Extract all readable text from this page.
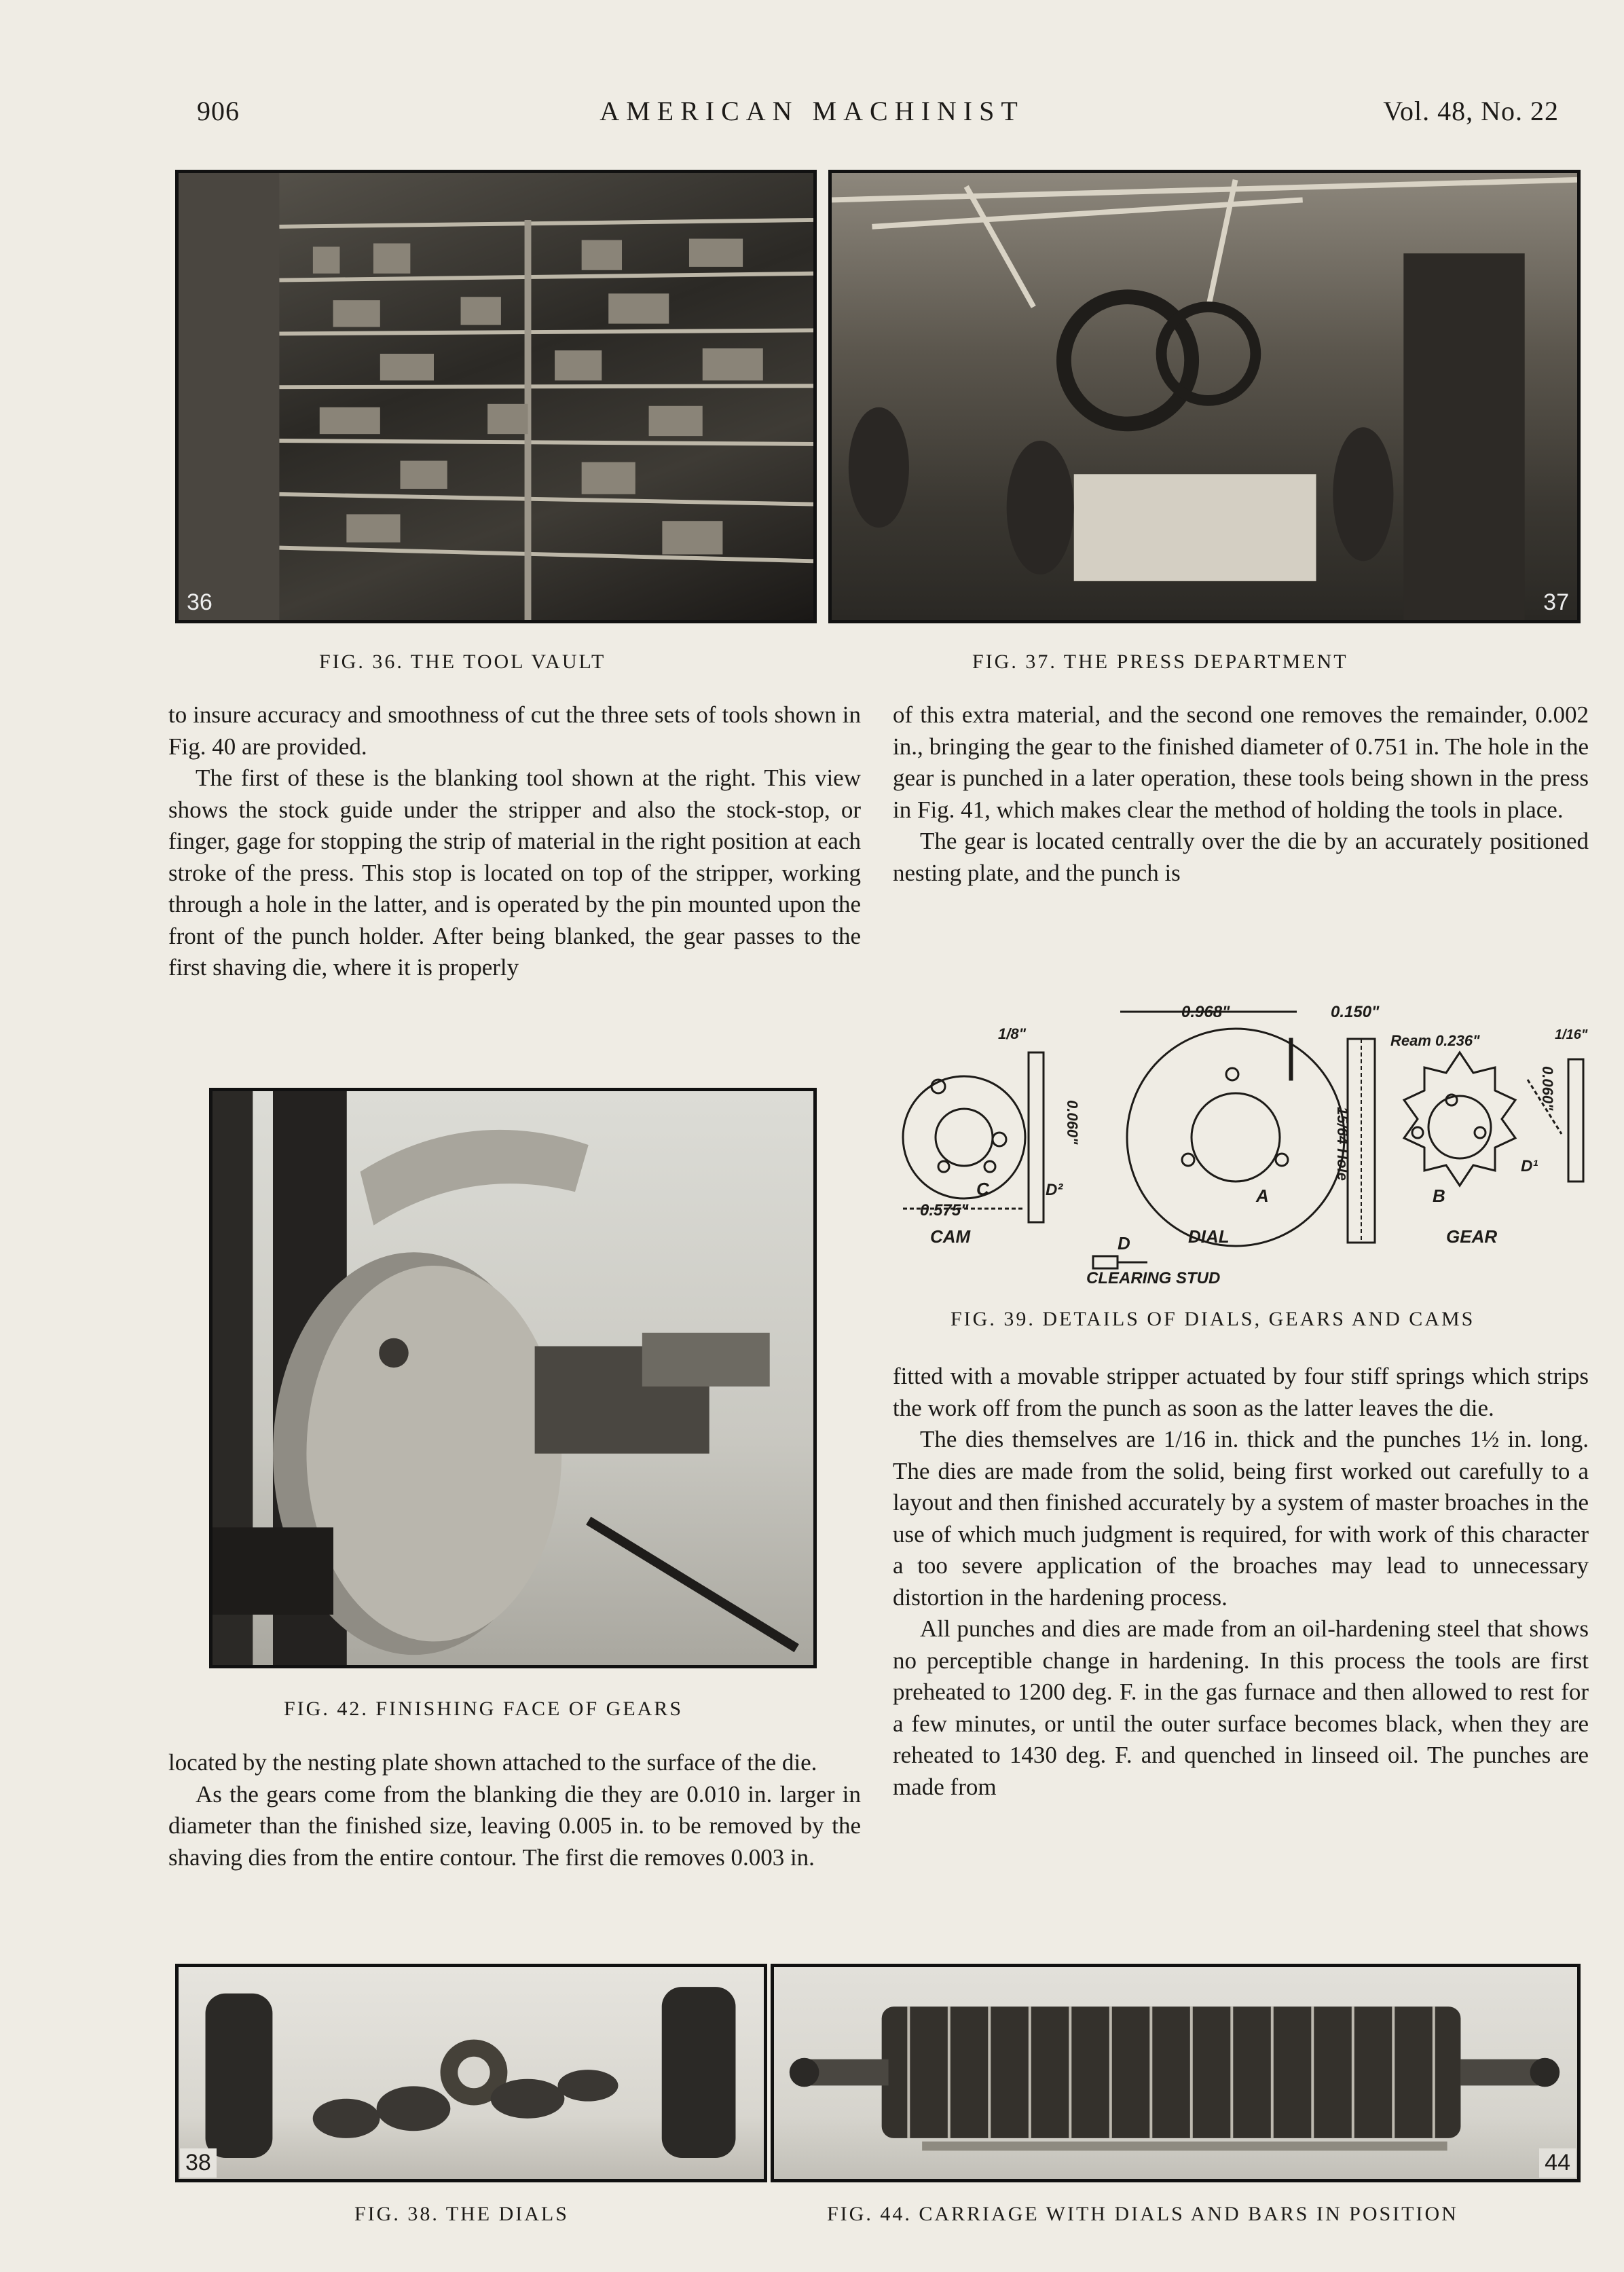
906	AMERICAN MACHINIST	Vol. 48, No. 22
36	37
FIG. 36. THE TOOL VAULT	FIG. 37. THE PRESS DEPARTMENT

to insure accuracy and smoothness of cut the three sets of tools shown in Fig. 40 are provided.

The first of these is the blanking tool shown at the right. This view shows the stock guide under the stripper and also the stock-stop, or finger, gage for stopping the strip of material in the right position at each stroke of the press. This stop is located on top of the stripper, working through a hole in the latter, and is operated by the pin mounted upon the front of the punch holder. After being blanked, the gear passes to the first shaving die, where it is properly

of this extra material, and the second one removes the remainder, 0.002 in., bringing the gear to the finished diameter of 0.751 in. The hole in the gear is punched in a later operation, these tools being shown in the press in Fig. 41, which makes clear the method of holding the tools in place.

The gear is located centrally over the die by an accurately positioned nesting plate, and the punch is

CAM
C	D²
0.575"
1/8"
0.060"
0.968"	0.150"
A
DIAL
D
CLEARING STUD
15/64 Hole
Ream 0.236"	1/16"
0.060"
B
D¹
GEAR
FIG. 39. DETAILS OF DIALS, GEARS AND CAMS
FIG. 42. FINISHING FACE OF GEARS

located by the nesting plate shown attached to the surface of the die.

As the gears come from the blanking die they are 0.010 in. larger in diameter than the finished size, leaving 0.005 in. to be removed by the shaving dies from the entire contour. The first die removes 0.003 in.

fitted with a movable stripper actuated by four stiff springs which strips the work off from the punch as soon as the latter leaves the die.

The dies themselves are 1/16 in. thick and the punches 1½ in. long. The dies are made from the solid, being first worked out carefully to a layout and then finished accurately by a system of master broaches in the use of which much judgment is required, for with work of this character a too severe application of the broaches may lead to unnecessary distortion in the hardening process.

All punches and dies are made from an oil-hardening steel that shows no perceptible change in hardening. In this process the tools are first preheated to 1200 deg. F. in the gas furnace and then allowed to rest for a few minutes, or until the outer surface becomes black, when they are reheated to 1430 deg. F. and quenched in linseed oil. The punches are made from

38	44
FIG. 38. THE DIALS	FIG. 44. CARRIAGE WITH DIALS AND BARS IN POSITION
